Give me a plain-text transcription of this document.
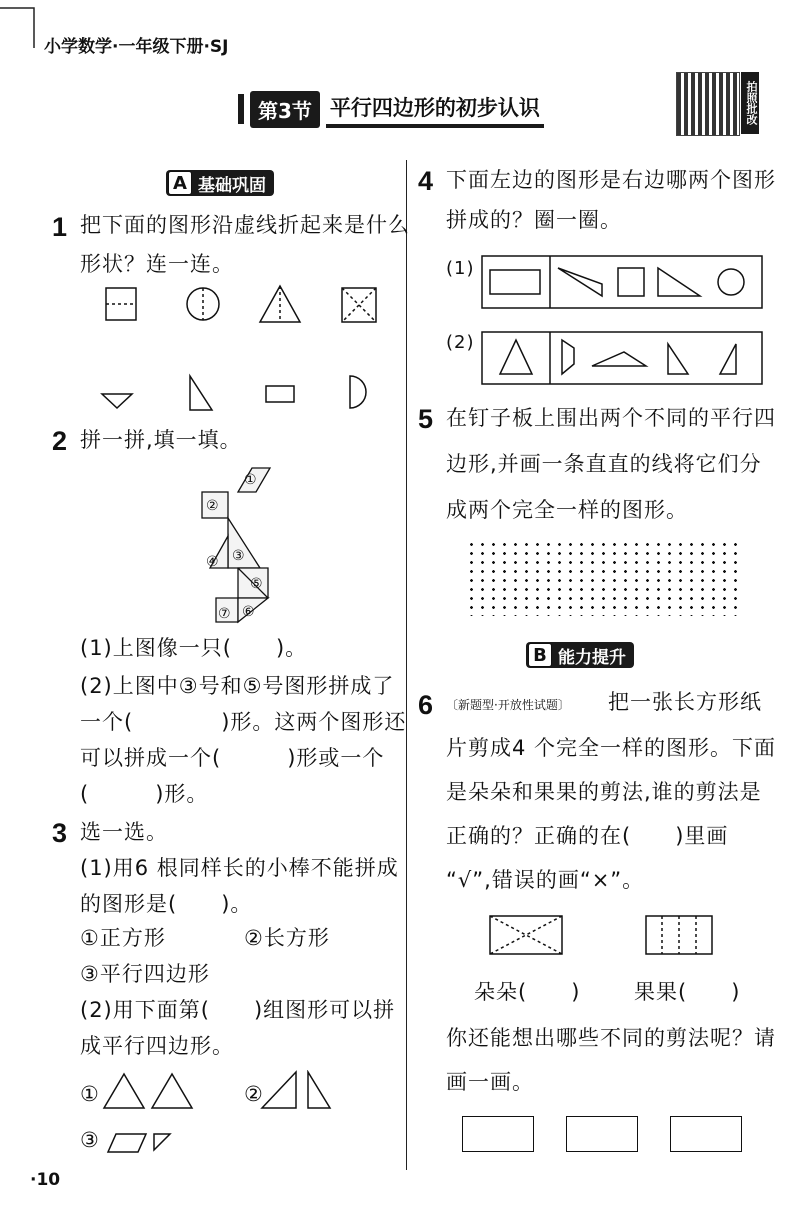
小学数学·一年级下册·SJ
第3节 平行四边形的初步认识	拍照批改
A 基础巩固
1 把下面的图形沿虚线折起来是什么
形状？连一连。
2 拼一拼,填一填。
①
②
③
④
⑤
⑥
⑦
(1)上图像一只(　　)。
(2)上图中③号和⑤号图形拼成了
一个(　　　　)形。这两个图形还
可以拼成一个(　　　)形或一个
(　　　)形。
3 选一选。
(1)用6 根同样长的小棒不能拼成
的图形是(　　)。
①正方形	②长方形
③平行四边形
(2)用下面第(　　)组图形可以拼
成平行四边形。
①	②
③
4 下面左边的图形是右边哪两个图形
拼成的？圈一圈。
(1)
(2)
5 在钉子板上围出两个不同的平行四
边形,并画一条直直的线将它们分
成两个完全一样的图形。
B 能力提升
6 〔新题型·开放性试题〕 把一张长方形纸
片剪成4 个完全一样的图形。下面
是朵朵和果果的剪法,谁的剪法是
正确的？正确的在(　　)里画
“√”,错误的画“×”。
朵朵(　　)	果果(　　)
你还能想出哪些不同的剪法呢？请
画一画。
·10
